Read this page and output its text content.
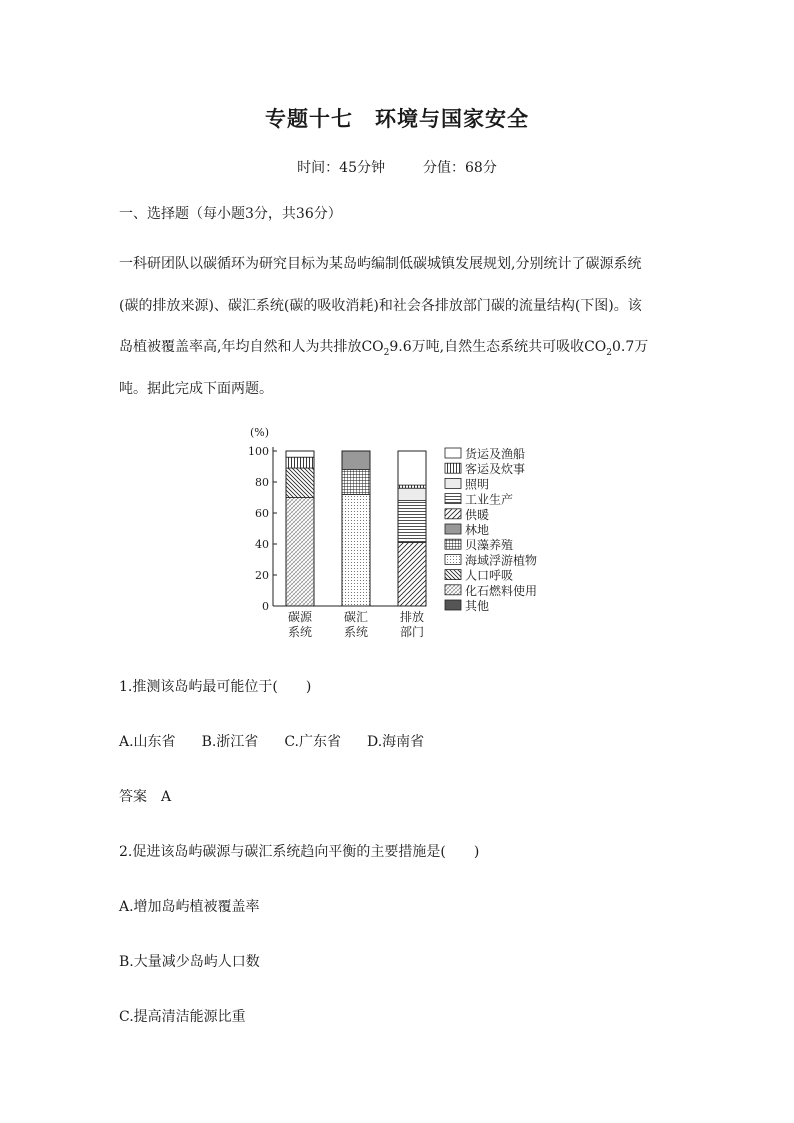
专题十七　环境与国家安全
时间：45分钟	分值：68分
一、选择题（每小题3分，共36分）
一科研团队以碳循环为研究目标为某岛屿编制低碳城镇发展规划,分别统计了碳源系统
(碳的排放来源)、碳汇系统(碳的吸收消耗)和社会各排放部门碳的流量结构(下图)。该
岛植被覆盖率高,年均自然和人为共排放$CO_29.6$万吨,自然生态系统共可吸收$CO_20.7$万
吨。据此完成下面两题。
(%)
0
20
40
60
80
100
碳源
系统
碳汇
系统
排放
部门
货运及渔船
客运及炊事
照明
工业生产
供暖
林地
贝藻养殖
海域浮游植物
人口呼吸
化石燃料使用
其他
1.推测该岛屿最可能位于(　　)
A.山东省 B.浙江省 C.广东省 D.海南省
答案　A
2.促进该岛屿碳源与碳汇系统趋向平衡的主要措施是(　　)
A.增加岛屿植被覆盖率
B.大量减少岛屿人口数
C.提高清洁能源比重
